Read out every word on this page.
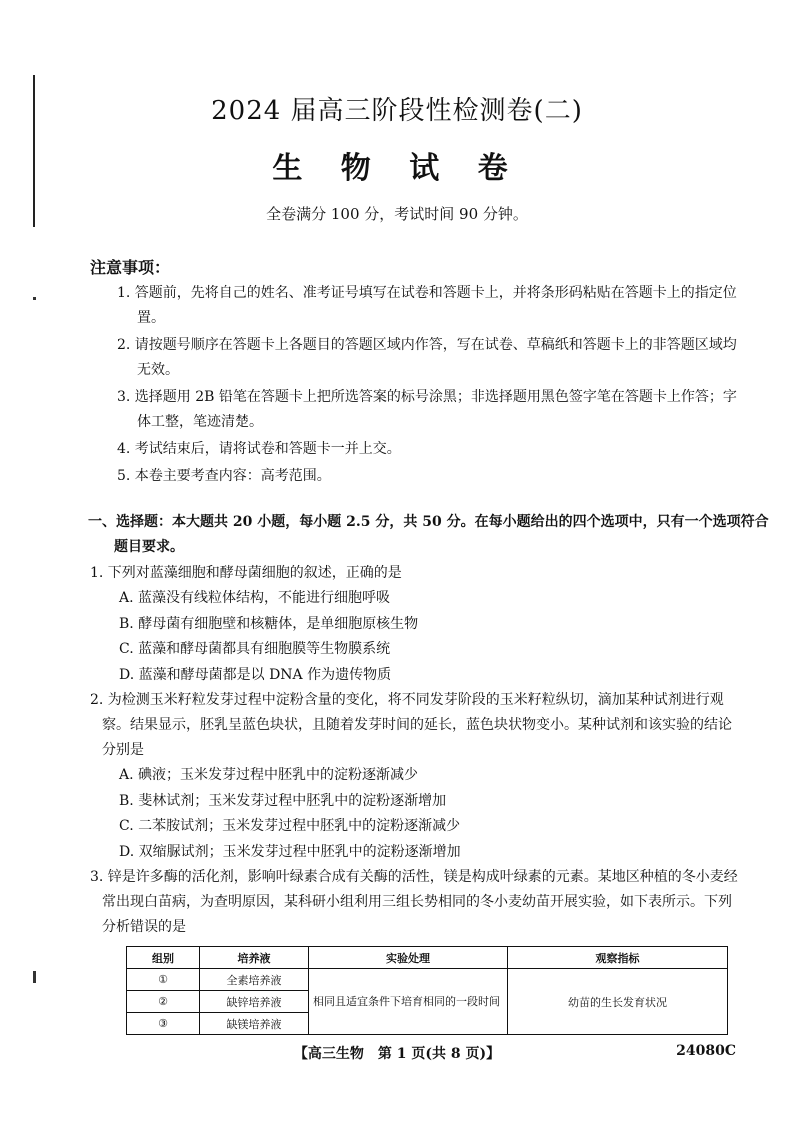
2024 届高三阶段性检测卷(二)
生 物 试 卷
全卷满分 100 分，考试时间 90 分钟。
注意事项：
1. 答题前，先将自己的姓名、准考证号填写在试卷和答题卡上，并将条形码粘贴在答题卡上的指定位置。
2. 请按题号顺序在答题卡上各题目的答题区域内作答，写在试卷、草稿纸和答题卡上的非答题区域均无效。
3. 选择题用 2B 铅笔在答题卡上把所选答案的标号涂黑；非选择题用黑色签字笔在答题卡上作答；字体工整，笔迹清楚。
4. 考试结束后，请将试卷和答题卡一并上交。
5. 本卷主要考查内容：高考范围。
一、选择题：本大题共 20 小题，每小题 2.5 分，共 50 分。在每小题给出的四个选项中，只有一个选项符合题目要求。
1. 下列对蓝藻细胞和酵母菌细胞的叙述，正确的是
A. 蓝藻没有线粒体结构，不能进行细胞呼吸
B. 酵母菌有细胞壁和核糖体，是单细胞原核生物
C. 蓝藻和酵母菌都具有细胞膜等生物膜系统
D. 蓝藻和酵母菌都是以 DNA 作为遗传物质
2. 为检测玉米籽粒发芽过程中淀粉含量的变化，将不同发芽阶段的玉米籽粒纵切，滴加某种试剂进行观察。结果显示，胚乳呈蓝色块状，且随着发芽时间的延长，蓝色块状物变小。某种试剂和该实验的结论分别是
A. 碘液；玉米发芽过程中胚乳中的淀粉逐渐减少
B. 斐林试剂；玉米发芽过程中胚乳中的淀粉逐渐增加
C. 二苯胺试剂；玉米发芽过程中胚乳中的淀粉逐渐减少
D. 双缩脲试剂；玉米发芽过程中胚乳中的淀粉逐渐增加
3. 锌是许多酶的活化剂，影响叶绿素合成有关酶的活性，镁是构成叶绿素的元素。某地区种植的冬小麦经常出现白苗病，为查明原因，某科研小组利用三组长势相同的冬小麦幼苗开展实验，如下表所示。下列分析错误的是
组别	培养液	实验处理	观察指标
①	全素培养液	相同且适宜条件下培育相同的一段时间	幼苗的生长发育状况
②	缺锌培养液		
③	缺镁培养液		
【高三生物　第 1 页(共 8 页)】	24080C
